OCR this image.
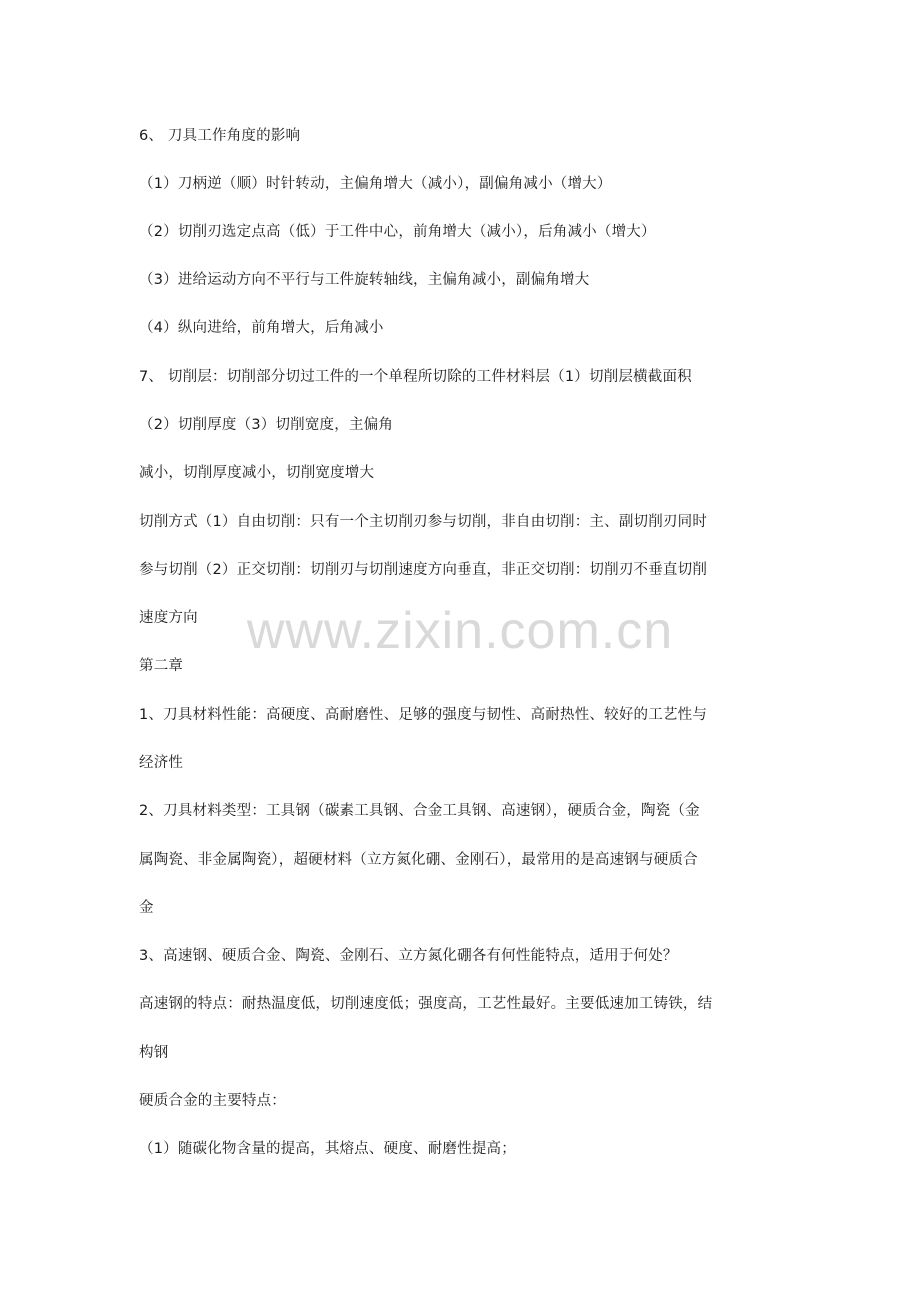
www.zixin.com.cn
6、 刀具工作角度的影响
（1）刀柄逆（顺）时针转动，主偏角增大（减小），副偏角减小（增大）
（2）切削刃选定点高（低）于工件中心，前角增大（减小），后角减小（增大）
（3）进给运动方向不平行与工件旋转轴线，主偏角减小，副偏角增大
（4）纵向进给，前角增大，后角减小
7、 切削层：切削部分切过工件的一个单程所切除的工件材料层（1）切削层横截面积
（2）切削厚度（3）切削宽度，主偏角
减小，切削厚度减小，切削宽度增大
切削方式（1）自由切削：只有一个主切削刃参与切削，非自由切削：主、副切削刃同时
参与切削（2）正交切削：切削刃与切削速度方向垂直，非正交切削：切削刃不垂直切削
速度方向
第二章
1、刀具材料性能：高硬度、高耐磨性、足够的强度与韧性、高耐热性、较好的工艺性与
经济性
2、刀具材料类型：工具钢（碳素工具钢、合金工具钢、高速钢），硬质合金，陶瓷（金
属陶瓷、非金属陶瓷），超硬材料（立方氮化硼、金刚石），最常用的是高速钢与硬质合
金
3、高速钢、硬质合金、陶瓷、金刚石、立方氮化硼各有何性能特点，适用于何处？
高速钢的特点：耐热温度低，切削速度低；强度高，工艺性最好。主要低速加工铸铁，结
构钢
硬质合金的主要特点：
（1）随碳化物含量的提高，其熔点、硬度、耐磨性提高；
